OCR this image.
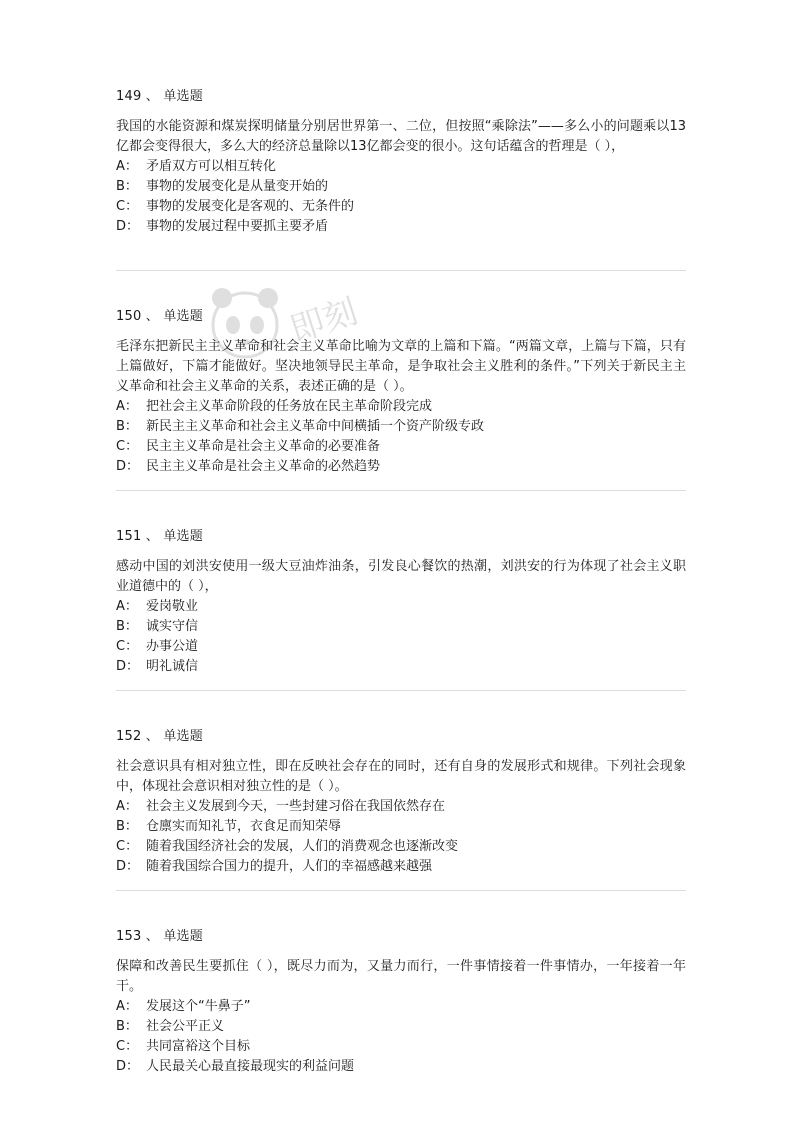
即刻
149 、 单选题

我国的水能资源和煤炭探明储量分别居世界第一、二位，但按照“乘除法”——多么小的问题乘以13亿都会变得很大，多么大的经济总量除以13亿都会变的很小。这句话蕴含的哲理是（ ），

A： 矛盾双方可以相互转化
B： 事物的发展变化是从量变开始的
C： 事物的发展变化是客观的、无条件的
D： 事物的发展过程中要抓主要矛盾
150 、 单选题

毛泽东把新民主主义革命和社会主义革命比喻为文章的上篇和下篇。“两篇文章，上篇与下篇，只有上篇做好，下篇才能做好。坚决地领导民主革命，是争取社会主义胜利的条件。”下列关于新民主主义革命和社会主义革命的关系，表述正确的是（ ）。

A： 把社会主义革命阶段的任务放在民主革命阶段完成
B： 新民主主义革命和社会主义革命中间横插一个资产阶级专政
C： 民主主义革命是社会主义革命的必要准备
D： 民主主义革命是社会主义革命的必然趋势
151 、 单选题

感动中国的刘洪安使用一级大豆油炸油条，引发良心餐饮的热潮，刘洪安的行为体现了社会主义职业道德中的（ ），

A： 爱岗敬业
B： 诚实守信
C： 办事公道
D： 明礼诚信
152 、 单选题

社会意识具有相对独立性，即在反映社会存在的同时，还有自身的发展形式和规律。下列社会现象中，体现社会意识相对独立性的是（ ）。

A： 社会主义发展到今天，一些封建习俗在我国依然存在
B： 仓廪实而知礼节，衣食足而知荣辱
C： 随着我国经济社会的发展，人们的消费观念也逐渐改变
D： 随着我国综合国力的提升，人们的幸福感越来越强
153 、 单选题

保障和改善民生要抓住（ ），既尽力而为，又量力而行，一件事情接着一件事情办，一年接着一年干。

A： 发展这个“牛鼻子”
B： 社会公平正义
C： 共同富裕这个目标
D： 人民最关心最直接最现实的利益问题
